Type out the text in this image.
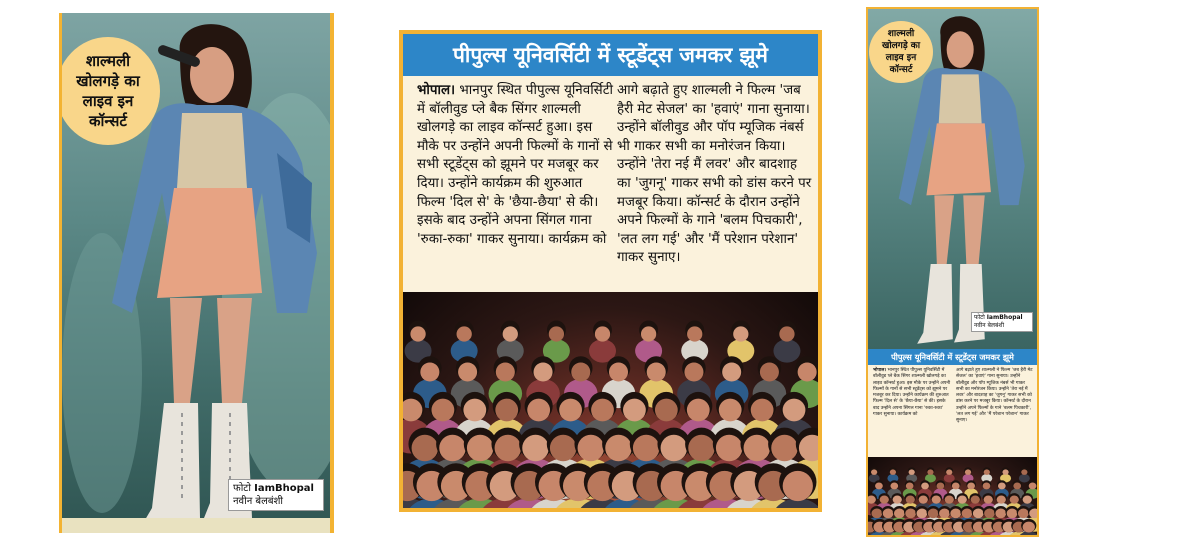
शाल्मली
खोलगड़े का
लाइव इन
कॉन्सर्ट
फोटो IamBhopal
नवीन बेलबंशी
पीपुल्स यूनिवर्सिटी में स्टूडेंट्स जमकर झूमे
भोपाल। भानपुर स्थित पीपुल्स यूनिवर्सिटी में बॉलीवुड प्ले बैक सिंगर शाल्मली खोलगड़े का लाइव कॉन्सर्ट हुआ। इस मौके पर उन्होंने अपनी फिल्मों के गानों से सभी स्टूडेंट्स को झूमने पर मजबूर कर दिया। उन्होंने कार्यक्रम की शुरुआत फिल्म 'दिल से' के 'छैया-छैया' से की। इसके बाद उन्होंने अपना सिंगल गाना 'रुका-रुका' गाकर सुनाया। कार्यक्रम को
आगे बढ़ाते हुए शाल्मली ने फिल्म 'जब हैरी मेट सेजल' का 'हवाएं' गाना सुनाया। उन्होंने बॉलीवुड और पॉप म्यूजिक नंबर्स भी गाकर सभी का मनोरंजन किया। उन्होंने 'तेरा नई मैं लवर' और बादशाह का 'जुगनू' गाकर सभी को डांस करने पर मजबूर किया। कॉन्सर्ट के दौरान उन्होंने अपने फिल्मों के गाने 'बलम पिचकारी', 'लत लग गई' और 'मैं परेशान परेशान' गाकर सुनाए।
शाल्मली
खोलगड़े का
लाइव इन
कॉन्सर्ट
फोटो IamBhopal
नवीन बेलबंशी
पीपुल्स यूनिवर्सिटी में स्टूडेंट्स जमकर झूमे
भोपाल। भानपुर स्थित पीपुल्स यूनिवर्सिटी में बॉलीवुड प्ले बैक सिंगर शाल्मली खोलगड़े का लाइव कॉन्सर्ट हुआ। इस मौके पर उन्होंने अपनी फिल्मों के गानों से सभी स्टूडेंट्स को झूमने पर मजबूर कर दिया। उन्होंने कार्यक्रम की शुरुआत फिल्म 'दिल से' के 'छैया-छैया' से की। इसके बाद उन्होंने अपना सिंगल गाना 'रुका-रुका' गाकर सुनाया। कार्यक्रम को
आगे बढ़ाते हुए शाल्मली ने फिल्म 'जब हैरी मेट सेजल' का 'हवाएं' गाना सुनाया। उन्होंने बॉलीवुड और पॉप म्यूजिक नंबर्स भी गाकर सभी का मनोरंजन किया। उन्होंने 'तेरा नई मैं लवर' और बादशाह का 'जुगनू' गाकर सभी को डांस करने पर मजबूर किया। कॉन्सर्ट के दौरान उन्होंने अपने फिल्मों के गाने 'बलम पिचकारी', 'लत लग गई' और 'मैं परेशान परेशान' गाकर सुनाए।
